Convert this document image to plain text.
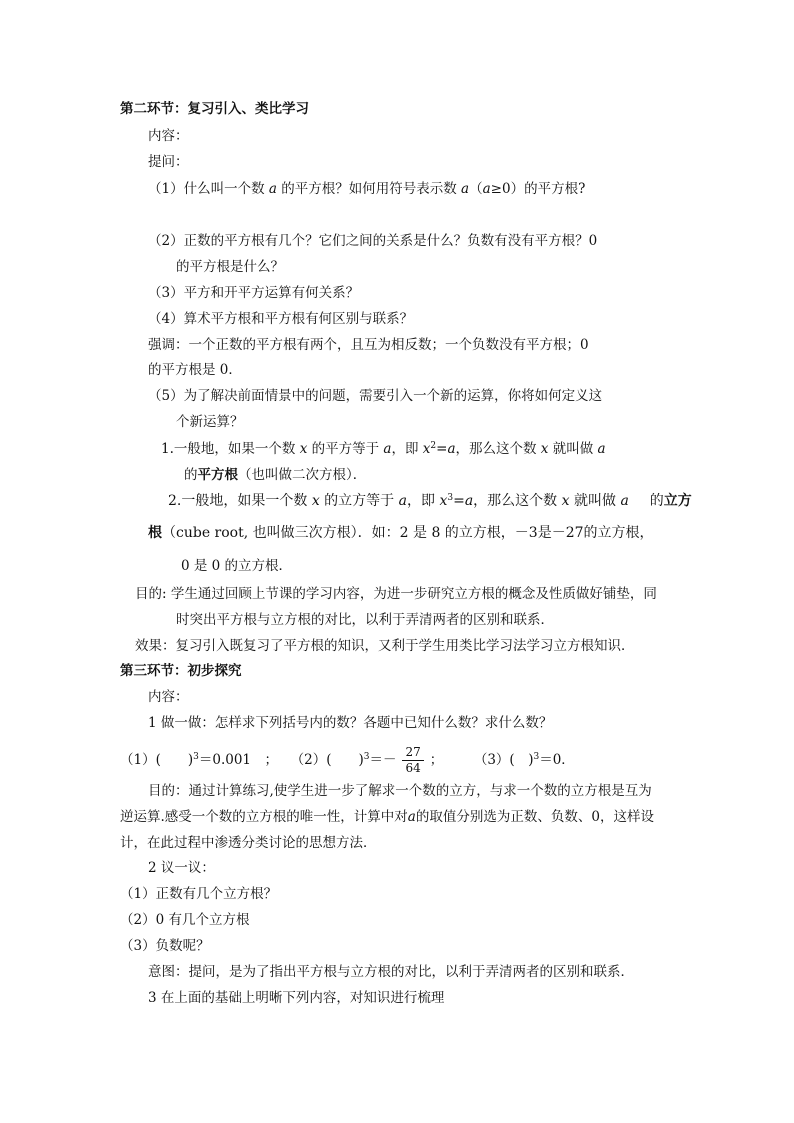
第二环节：复习引入、类比学习
内容：
提问：
（1）什么叫一个数 a 的平方根？如何用符号表示数 a（a≥0）的平方根?
（2）正数的平方根有几个？它们之间的关系是什么？负数有没有平方根？0
的平方根是什么？
（3）平方和开平方运算有何关系？
（4）算术平方根和平方根有何区别与联系？
强调：一个正数的平方根有两个，且互为相反数；一个负数没有平方根；0
的平方根是 0．
（5）为了解决前面情景中的问题，需要引入一个新的运算，你将如何定义这
个新运算？
1.一般地，如果一个数 x 的平方等于 a，即 $x^2=a$，那么这个数 x 就叫做 a
的平方根（也叫做二次方根）．
2.一般地，如果一个数 x 的立方等于 a，即 $x^3=a$，那么这个数 x 就叫做 a 的立方
根（cube root, 也叫做三次方根）．如：2 是 8 的立方根，－3是－27的立方根，
0 是 0 的立方根．
目的: 学生通过回顾上节课的学习内容，为进一步研究立方根的概念及性质做好铺垫，同
时突出平方根与立方根的对比，以利于弄清两者的区别和联系．
效果：复习引入既复习了平方根的知识，又利于学生用类比学习法学习立方根知识．
第三环节：初步探究
内容：
1 做一做：怎样求下列括号内的数？各题中已知什么数？求什么数？
（1）(　　)$^3$＝0.001　； （2）(　　)$^3=- \frac{27}{64}$ ； （3）(　)$^3$＝0．
目的：通过计算练习,使学生进一步了解求一个数的立方，与求一个数的立方根是互为
逆运算.感受一个数的立方根的唯一性，计算中对a的取值分别选为正数、负数、0，这样设
计，在此过程中渗透分类讨论的思想方法．
2 议一议：
（1）正数有几个立方根？
（2）0 有几个立方根
（3）负数呢？
意图：提问，是为了指出平方根与立方根的对比，以利于弄清两者的区别和联系．
3 在上面的基础上明晰下列内容，对知识进行梳理
